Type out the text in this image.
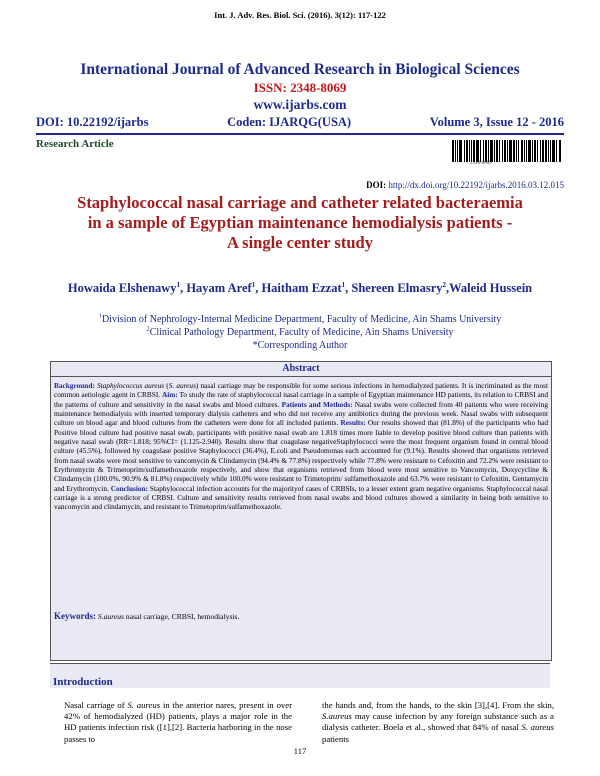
Int. J. Adv. Res. Biol. Sci. (2016). 3(12): 117-122
International Journal of Advanced Research in Biological Sciences
ISSN: 2348-8069
www.ijarbs.com
DOI: 10.22192/ijarbs	Coden: IJARQG(USA)	Volume 3, Issue 12 - 2016
Research Article
2348-8069
DOI: http://dx.doi.org/10.22192/ijarbs.2016.03.12.015
Staphylococcal nasal carriage and catheter related bacteraemia
in a sample of Egyptian maintenance hemodialysis patients -
A single center study
Howaida Elshenawy$^1$, Hayam Aref$^1$, Haitham Ezzat$^1$, Shereen Elmasry$^2$,Waleid Hussein
$^1$Division of Nephrology-Internal Medicine Department, Faculty of Medicine, Ain Shams University
$^2$Clinical Pathology Department, Faculty of Medicine, Ain Shams University
*Corresponding Author
Abstract
Background: Staphylococcus aureus (S. aureus) nasal carriage may be responsible for some serious infections in hemodialyzed patients. It is incriminated as the most common aetiologic agent in CRBSI. Aim: To study the rate of staphylococcal nasal carriage in a sample of Egyptian maintenance HD patients, its relation to CRBSI and the patterns of culture and sensitivity in the nasal swabs and blood cultures. Patients and Methods: Nasal swabs were collected from 40 patients who were receiving maintenance hemodialysis with inserted temporary dialysis catheters and who did not receive any antibiotics during the previous week. Nasal swabs with subsequent culture on blood agar and blood cultures from the catheters were done for all included patients. Results: Our results showed that (81.8%) of the participants who had Positive blood culture had positive nasal swab, participants with positive nasal swab are 1.818 times more liable to develop positive blood culture than patients with negative nasal swab (RR=1.818; 95%CI= (1.125-2.940). Results show that coagulase negativeStaphylococci were the most frequent organism found in central blood culture (45.5%), followed by coagulase positive Staphylococci (36.4%), E.coli and Pseudomonas each accounted for (9.1%). Results showed that organisms retrieved from nasal swabs were most sensitive to vancomycin & Clindamycin (94.4% & 77.8%) respectively while 77.8% were resistant to Cefoxitin and 72.2% were resistant to Erythromycin & Trimetoprim/sulfamethoxazole respectively, and show that organisms retrieved from blood were most sensitive to Vancomycin, Doxycycline & Clindamycin (100.0%, 90.9% & 81.8%) respectively while 100.0% were resistant to Trimetoprim/ sulfamethoxazole and 63.7% were resistant to Cefoxitin, Gentamycin and Erythromycin. Conclusion: Staphylococcal infection accounts for the majorityof cases of CRBSIs, to a lesser extent gram negative organisms. Staphylococcal nasal carriage is a strong predictor of CRBSI. Culture and sensitivity results retrieved from nasal swabs and blood cultures showed a similarity in being both sensitive to vancomycin and clindamycin, and resistant to Trimetoprim/sulfamethoxazole.
Keywords: S.aureus nasal carriage, CRBSI, hemodialysis.
Introduction
Nasal carriage of S. aureus in the anterior nares, present in over 42% of hemodialyzed (HD) patients, plays a major role in the HD patients infection risk ([1],[2]. Bacteria harboring in the nose passes to
the hands and, from the hands, to the skin [3],[4]. From the skin, S.aureus may cause infection by any foreign substance such as a dialysis catheter. Boela et al., showed that 84% of nasal S. aureus patients
117
